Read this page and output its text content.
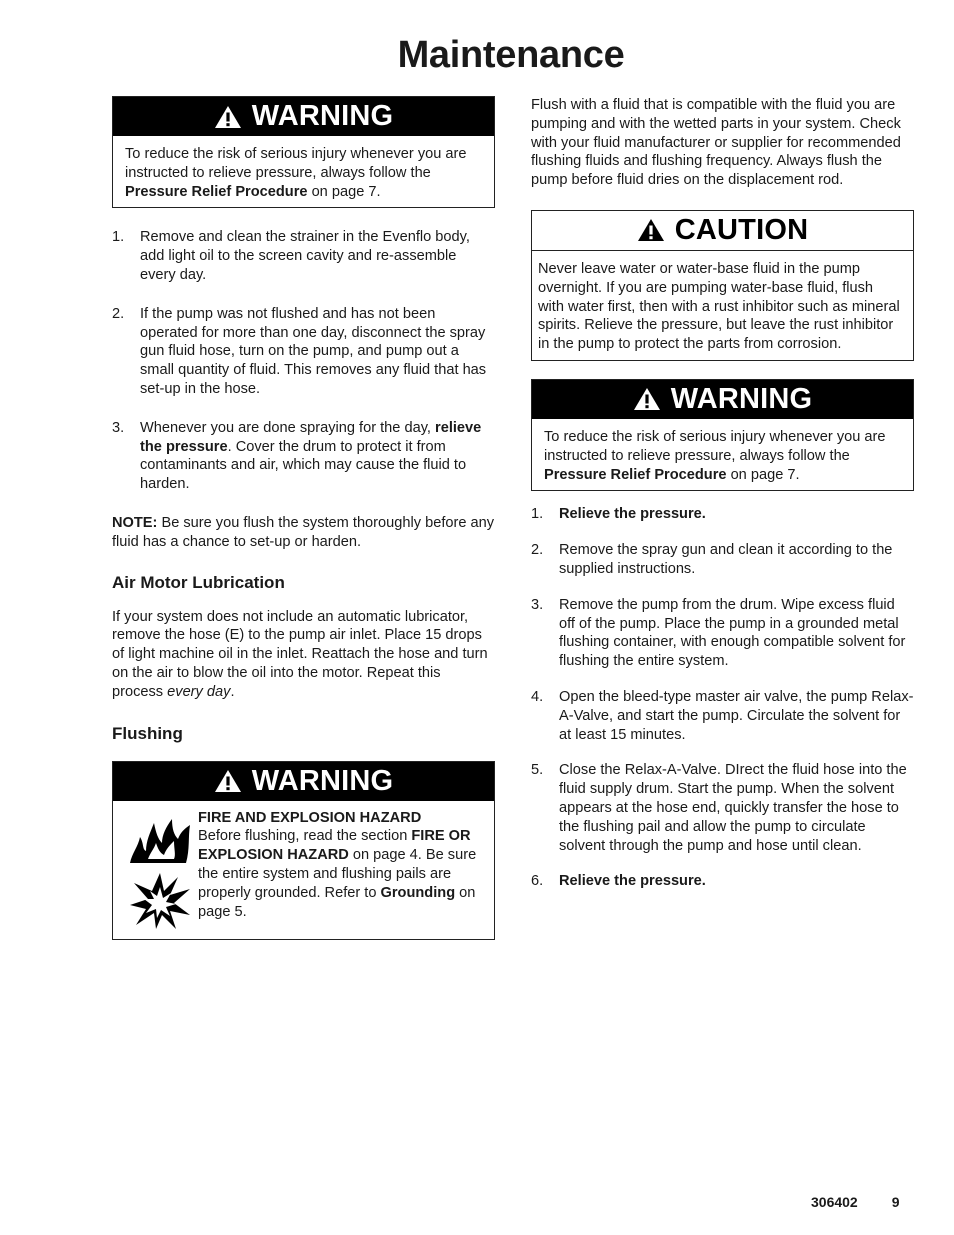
Maintenance
WARNING

To reduce the risk of serious injury whenever you are instructed to relieve pressure, always follow the Pressure Relief Procedure on page 7.

1. Remove and clean the strainer in the Evenflo body, add light oil to the screen cavity and re-assemble every day.
2. If the pump was not flushed and has not been operated for more than one day, disconnect the spray gun fluid hose, turn on the pump, and pump out a small quantity of fluid. This removes any fluid that has set-up in the hose.
3. Whenever you are done spraying for the day, relieve the pressure. Cover the drum to protect it from contaminants and air, which may cause the fluid to harden.

NOTE: Be sure you flush the system thoroughly before any fluid has a chance to set-up or harden.

Air Motor Lubrication

If your system does not include an automatic lubricator, remove the hose (E) to the pump air inlet. Place 15 drops of light machine oil in the inlet. Reattach the hose and turn on the air to blow the oil into the motor. Repeat this process every day.

Flushing
WARNING

FIRE AND EXPLOSION HAZARD

Before flushing, read the section FIRE OR EXPLOSION HAZARD on page 4. Be sure the entire system and flushing pails are properly grounded. Refer to Grounding on page 5.

Flush with a fluid that is compatible with the fluid you are pumping and with the wetted parts in your system. Check with your fluid manufacturer or supplier for recommended flushing fluids and flushing frequency. Always flush the pump before fluid dries on the displacement rod.

CAUTION

Never leave water or water-base fluid in the pump overnight. If you are pumping water-base fluid, flush with water first, then with a rust inhibitor such as mineral spirits. Relieve the pressure, but leave the rust inhibitor in the pump to protect the parts from corrosion.

WARNING

To reduce the risk of serious injury whenever you are instructed to relieve pressure, always follow the Pressure Relief Procedure on page 7.

1. Relieve the pressure.
2. Remove the spray gun and clean it according to the supplied instructions.
3. Remove the pump from the drum. Wipe excess fluid off of the pump. Place the pump in a grounded metal flushing container, with enough compatible solvent for flushing the entire system.
4. Open the bleed-type master air valve, the pump Relax-A-Valve, and start the pump. Circulate the solvent for at least 15 minutes.
5. Close the Relax-A-Valve. DIrect the fluid hose into the fluid supply drum. Start the pump. When the solvent appears at the hose end, quickly transfer the hose to the flushing pail and allow the pump to circulate solvent through the pump and hose until clean.
6. Relieve the pressure.
306402 9
